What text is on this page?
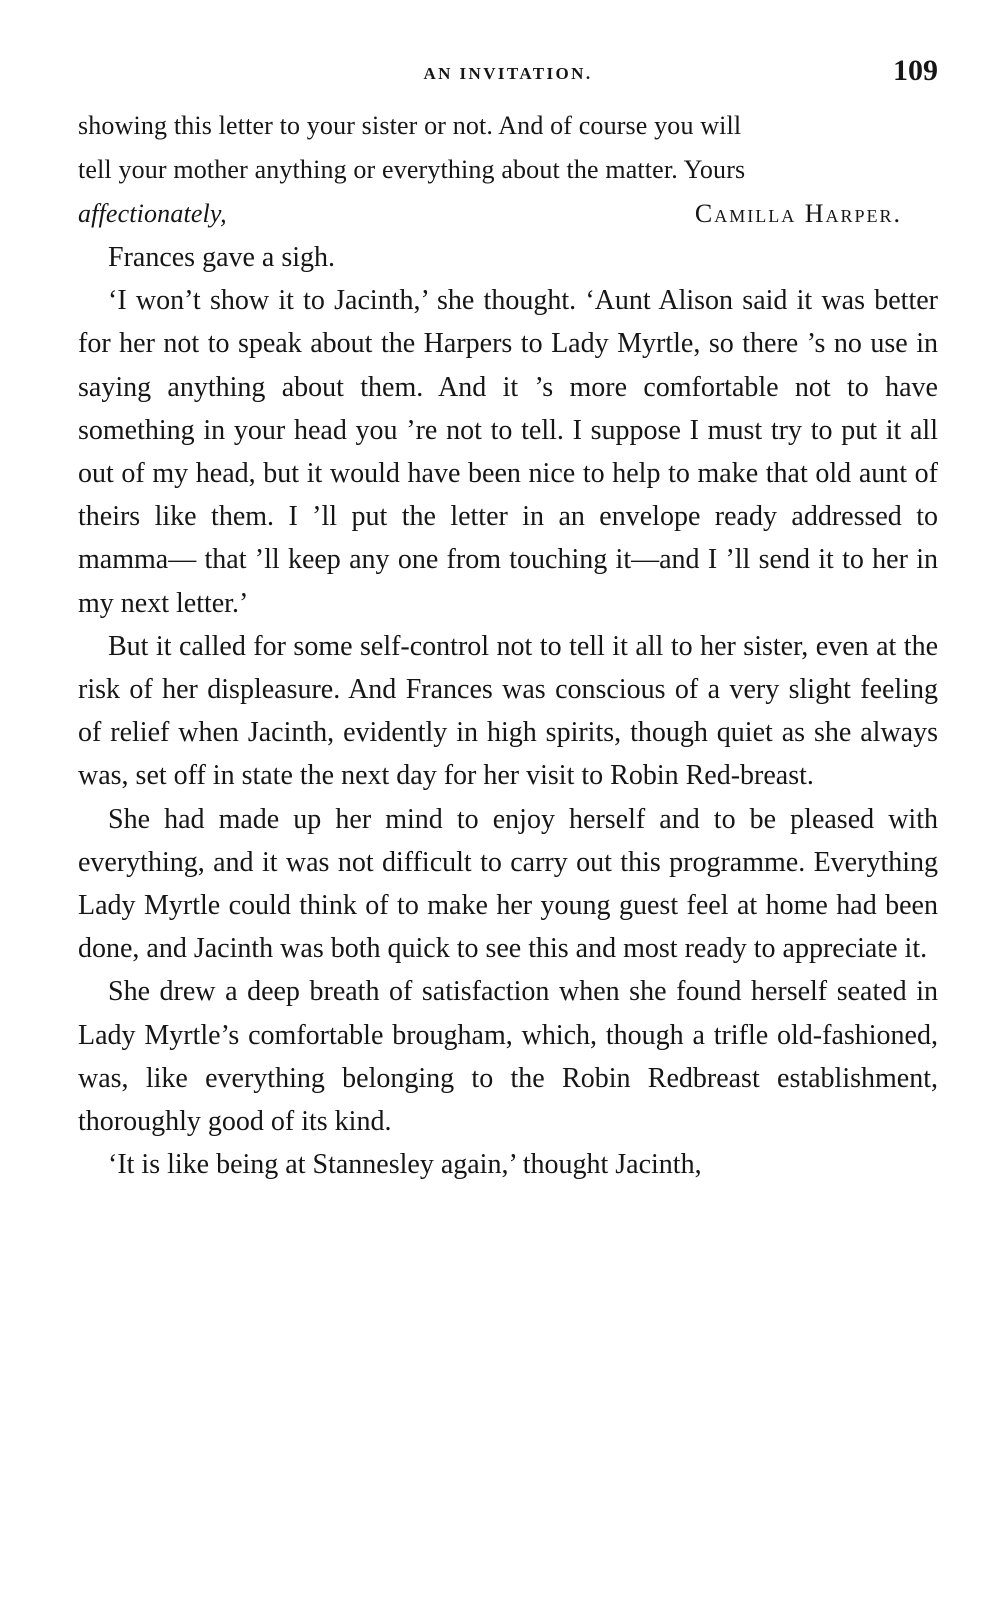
AN INVITATION.	109
showing this letter to your sister or not. And of course you will
tell your mother anything or everything about the matter. Yours
affectionately,	Camilla Harper.

Frances gave a sigh.

‘I won’t show it to Jacinth,’ she thought. ‘Aunt Alison said it was better for her not to speak about the Harpers to Lady Myrtle, so there ’s no use in saying anything about them. And it ’s more comfortable not to have something in your head you ’re not to tell. I suppose I must try to put it all out of my head, but it would have been nice to help to make that old aunt of theirs like them. I ’ll put the letter in an envelope ready addressed to mamma— that ’ll keep any one from touching it—and I ’ll send it to her in my next letter.’

But it called for some self-control not to tell it all to her sister, even at the risk of her displeasure. And Frances was conscious of a very slight feeling of relief when Jacinth, evidently in high spirits, though quiet as she always was, set off in state the next day for her visit to Robin Red-breast.

She had made up her mind to enjoy herself and to be pleased with everything, and it was not difficult to carry out this programme. Everything Lady Myrtle could think of to make her young guest feel at home had been done, and Jacinth was both quick to see this and most ready to appreciate it.

She drew a deep breath of satisfaction when she found herself seated in Lady Myrtle’s comfortable brougham, which, though a trifle old-fashioned, was, like everything belonging to the Robin Redbreast establishment, thoroughly good of its kind.

‘It is like being at Stannesley again,’ thought Jacinth,
